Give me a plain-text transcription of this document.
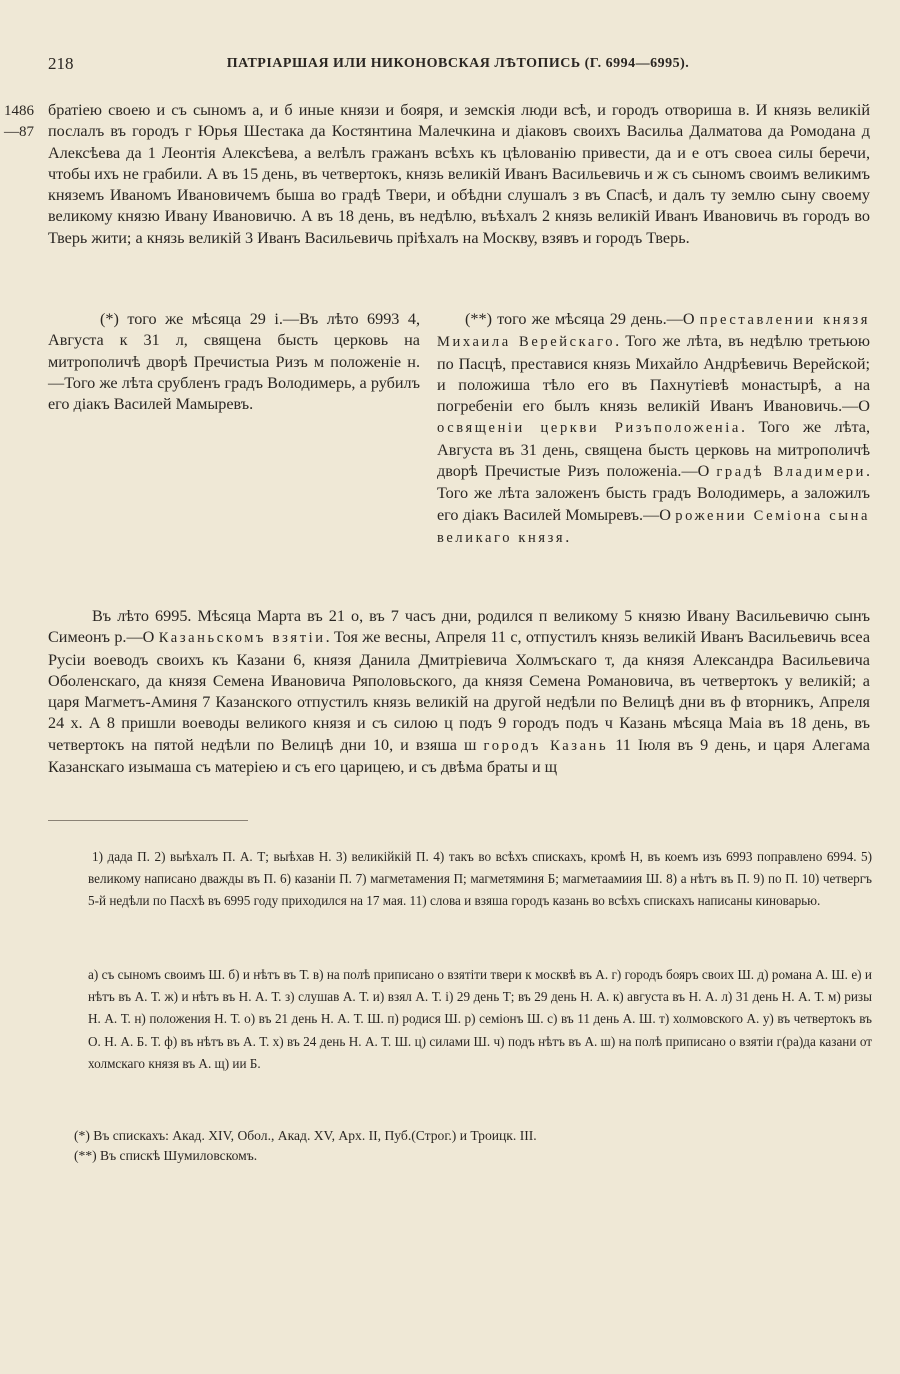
218	ПАТРІАРШАЯ ИЛИ НИКОНОВСКАЯ ЛѢТОПИСЬ (Г. 6994—6995).
1486
—87

братіею своею и съ сыномъ а, и б иные князи и бояря, и земскія люди всѣ, и городъ отвориша в. И князь великій послалъ въ городъ г Юрья Шестака да Костянтина Малечкина и діаковъ своихъ Васильа Далматова да Ромодана д Алексѣева да 1 Леонтія Алексѣева, а велѣлъ гражанъ всѣхъ къ цѣлованію привести, да и е отъ своеа силы беречи, чтобы ихъ не грабили. А въ 15 день, въ четвертокъ, князь великій Иванъ Васильевичь и ж съ сыномъ своимъ великимъ княземъ Иваномъ Ивановичемъ быша во градѣ Твери, и обѣдни слушалъ з въ Спасѣ, и далъ ту землю сыну своему великому князю Ивану Ивановичю. А въ 18 день, въ недѣлю, въѣхалъ 2 князь великій Иванъ Ивановичь въ городъ во Тверь жити; а князь великій 3 Иванъ Васильевичь пріѣхалъ на Москву, взявъ и городъ Тверь.

(*) того же мѣсяца 29 і.—Въ лѣто 6993 4, Августа к 31 л, священа бысть церковь на митрополичѣ дворѣ Пречистыа Ризъ м положеніе н.—Того же лѣта срубленъ градъ Володимерь, а рубилъ его діакъ Василей Мамыревъ.

(**) того же мѣсяца 29 день.—О преставлении князя Михаила Верейскаго. Того же лѣта, въ недѣлю третьюю по Пасцѣ, преставися князь Михайло Андрѣевичь Верейской; и положиша тѣло его въ Пахнутіевѣ монастырѣ, а на погребеніи его былъ князь великій Иванъ Ивановичь.—О освященіи церкви Ризъположеніа. Того же лѣта, Августа въ 31 день, священа бысть церковь на митрополичѣ дворѣ Пречистые Ризъ положеніа.—О градѣ Владимери. Того же лѣта заложенъ бысть градъ Володимерь, а заложилъ его діакъ Василей Момыревъ.—О рожении Семіона сына великаго князя.

Въ лѣто 6995. Мѣсяца Марта въ 21 о, въ 7 часъ дни, родился п великому 5 князю Ивану Васильевичю сынъ Симеонъ р.—О Казаньскомъ взятіи. Тоя же весны, Апреля 11 с, отпустилъ князь великій Иванъ Васильевичь всеа Русіи воеводъ своихъ къ Казани 6, князя Данила Дмитріевича Холмъскаго т, да князя Александра Васильевича Оболенскаго, да князя Семена Ивановича Ряполовьского, да князя Семена Романовича, въ четвертокъ у великій; а царя Магметъ-Аминя 7 Казанского отпустилъ князь великій на другой недѣли по Велицѣ дни въ ф вторникъ, Апреля 24 х. А 8 пришли воеводы великого князя и съ силою ц подъ 9 городъ подъ ч Казань мѣсяца Маіа въ 18 день, въ четвертокъ на пятой недѣли по Велицѣ дни 10, и взяша ш городъ Казань 11 Іюля въ 9 день, и царя Алегама Казанскаго изымаша съ матеріею и съ его царицею, и съ двѣма браты и щ

1) дада П. 2) выѣхалъ П. А. Т; выѣхав Н. 3) великійкій П. 4) такъ во всѣхъ спискахъ, кромѣ Н, въ коемъ изъ 6993 поправлено 6994. 5) великому написано дважды въ П. 6) казаніи П. 7) магметамения П; магметяминя Б; магметаамиия Ш. 8) а нѣтъ въ П. 9) по П. 10) четвергъ 5-й недѣли по Пасхѣ въ 6995 году приходился на 17 мая. 11) слова и взяша городъ казань во всѣхъ спискахъ написаны киноварью.
а) съ сыномъ своимъ Ш. б) и нѣтъ въ Т. в) на полѣ приписано о взятіти твери к москвѣ въ А. г) городъ бояръ своих Ш. д) романа А. Ш. е) и нѣтъ въ А. Т. ж) и нѣтъ въ Н. А. Т. з) слушав А. Т. и) взял А. Т. і) 29 день Т; въ 29 день Н. А. к) августа въ Н. А. л) 31 день Н. А. Т. м) ризы Н. А. Т. н) положения Н. Т. о) въ 21 день Н. А. Т. Ш. п) родися Ш. р) семіонъ Ш. с) въ 11 день А. Ш. т) холмовского А. у) въ четвертокъ въ О. Н. А. Б. Т. ф) въ нѣтъ въ А. Т. х) въ 24 день Н. А. Т. Ш. ц) силами Ш. ч) подъ нѣтъ въ А. ш) на полѣ приписано о взятіи г(ра)да казани от холмскаго князя въ А. щ) ии Б.

(*) Въ спискахъ: Акад. XIV, Обол., Акад. XV, Арх. II, Пуб.(Строг.) и Троицк. III.

(**) Въ спискѣ Шумиловскомъ.
